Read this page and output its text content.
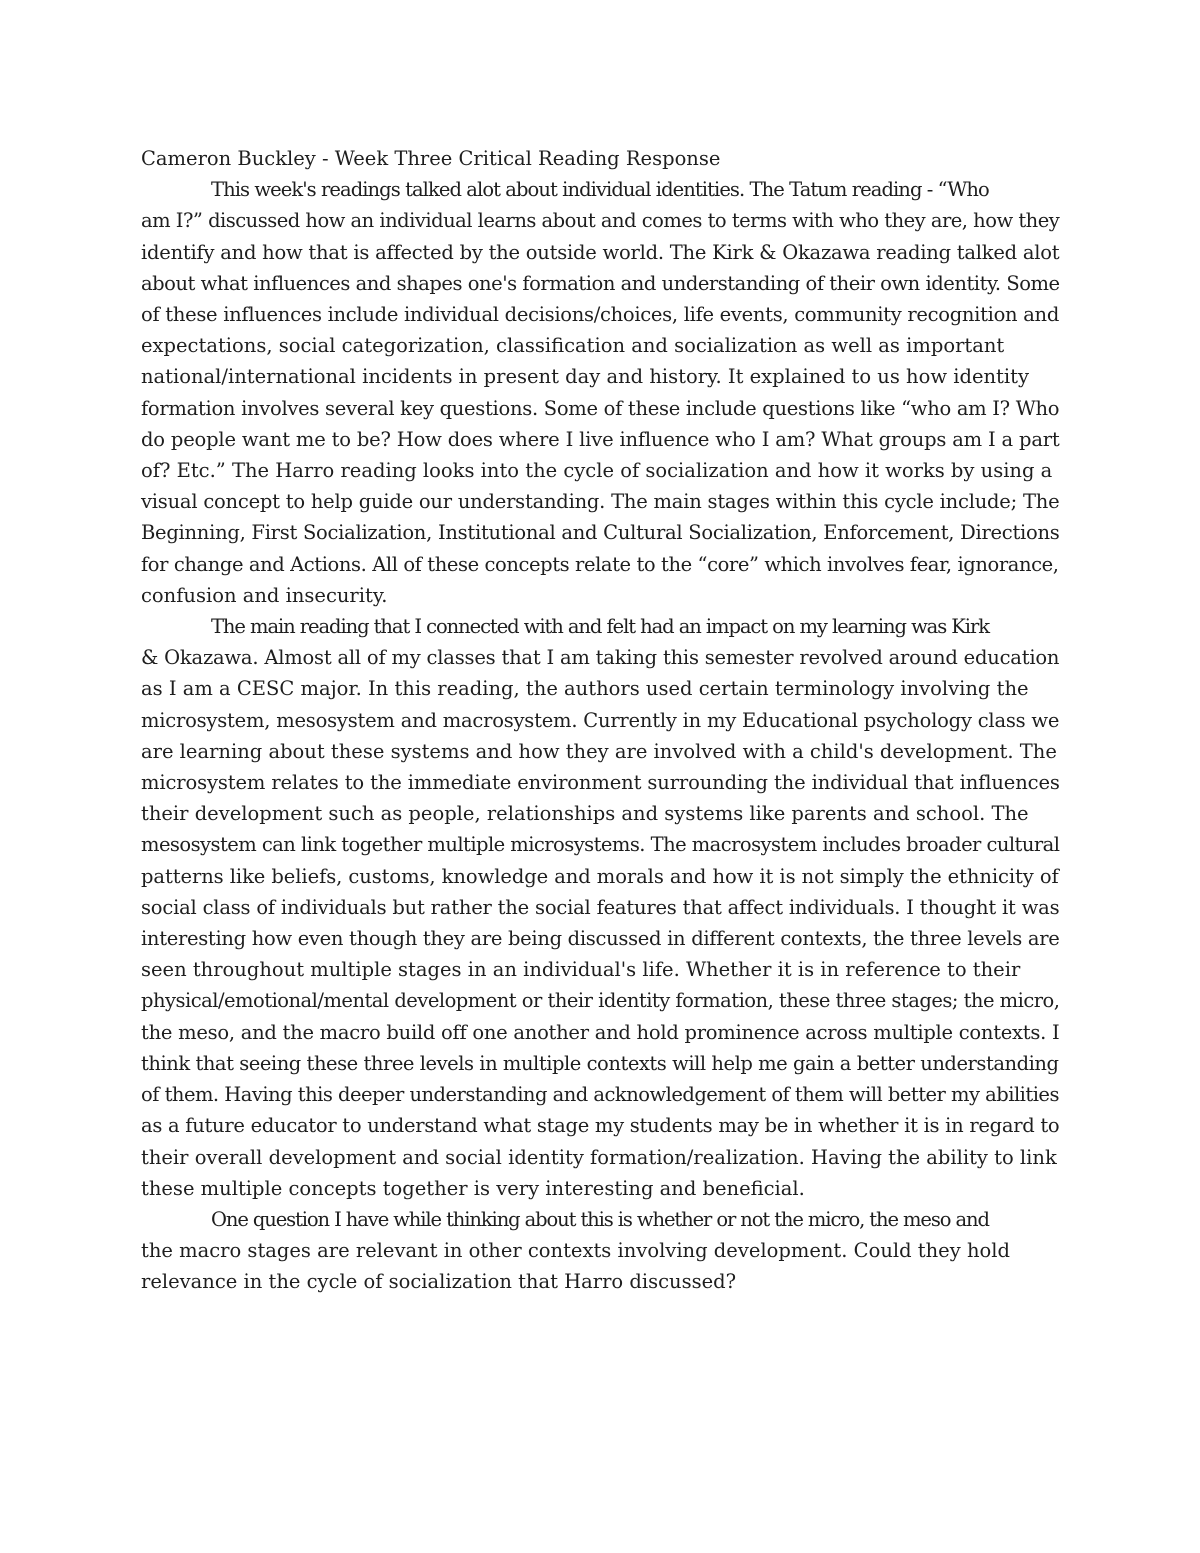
Cameron Buckley - Week Three Critical Reading Response

This week's readings talked alot about individual identities. The Tatum reading - “Who
am I?” discussed how an individual learns about and comes to terms with who they are, how they
identify and how that is affected by the outside world. The Kirk & Okazawa reading talked alot
about what influences and shapes one's formation and understanding of their own identity. Some
of these influences include individual decisions/choices, life events, community recognition and
expectations, social categorization, classification and socialization as well as important
national/international incidents in present day and history. It explained to us how identity
formation involves several key questions. Some of these include questions like “who am I? Who
do people want me to be? How does where I live influence who I am? What groups am I a part
of? Etc.” The Harro reading looks into the cycle of socialization and how it works by using a
visual concept to help guide our understanding. The main stages within this cycle include; The
Beginning, First Socialization, Institutional and Cultural Socialization, Enforcement, Directions
for change and Actions. All of these concepts relate to the “core” which involves fear, ignorance,
confusion and insecurity.

The main reading that I connected with and felt had an impact on my learning was Kirk
& Okazawa. Almost all of my classes that I am taking this semester revolved around education
as I am a CESC major. In this reading, the authors used certain terminology involving the
microsystem, mesosystem and macrosystem. Currently in my Educational psychology class we
are learning about these systems and how they are involved with a child's development. The
microsystem relates to the immediate environment surrounding the individual that influences
their development such as people, relationships and systems like parents and school. The
mesosystem can link together multiple microsystems. The macrosystem includes broader cultural
patterns like beliefs, customs, knowledge and morals and how it is not simply the ethnicity of
social class of individuals but rather the social features that affect individuals. I thought it was
interesting how even though they are being discussed in different contexts, the three levels are
seen throughout multiple stages in an individual's life. Whether it is in reference to their
physical/emotional/mental development or their identity formation, these three stages; the micro,
the meso, and the macro build off one another and hold prominence across multiple contexts. I
think that seeing these three levels in multiple contexts will help me gain a better understanding
of them. Having this deeper understanding and acknowledgement of them will better my abilities
as a future educator to understand what stage my students may be in whether it is in regard to
their overall development and social identity formation/realization. Having the ability to link
these multiple concepts together is very interesting and beneficial.

One question I have while thinking about this is whether or not the micro, the meso and
the macro stages are relevant in other contexts involving development. Could they hold
relevance in the cycle of socialization that Harro discussed?
